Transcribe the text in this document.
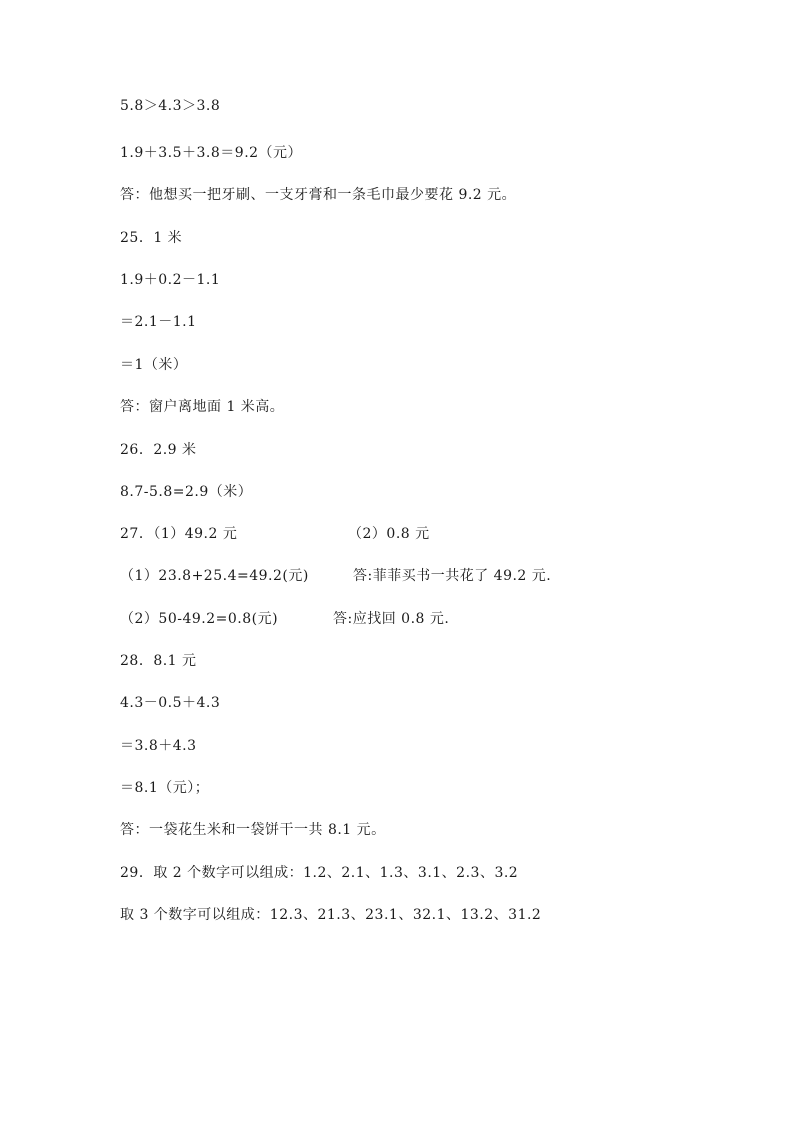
5.8＞4.3＞3.8
1.9＋3.5＋3.8＝9.2（元）
答：他想买一把牙刷、一支牙膏和一条毛巾最少要花 9.2 元。
25．1 米
1.9＋0.2－1.1
＝2.1－1.1
＝1（米）
答：窗户离地面 1 米高。
26．2.9 米
8.7-5.8=2.9（米）
27．（1）49.2 元	（2）0.8 元
（1）23.8+25.4=49.2(元)	答:菲菲买书一共花了 49.2 元.
（2）50-49.2=0.8(元)	答:应找回 0.8 元.
28．8.1 元
4.3－0.5＋4.3
＝3.8＋4.3
＝8.1（元）；
答：一袋花生米和一袋饼干一共 8.1 元。
29．取 2 个数字可以组成：1.2、2.1、1.3、3.1、2.3、3.2
取 3 个数字可以组成：12.3、21.3、23.1、32.1、13.2、31.2
